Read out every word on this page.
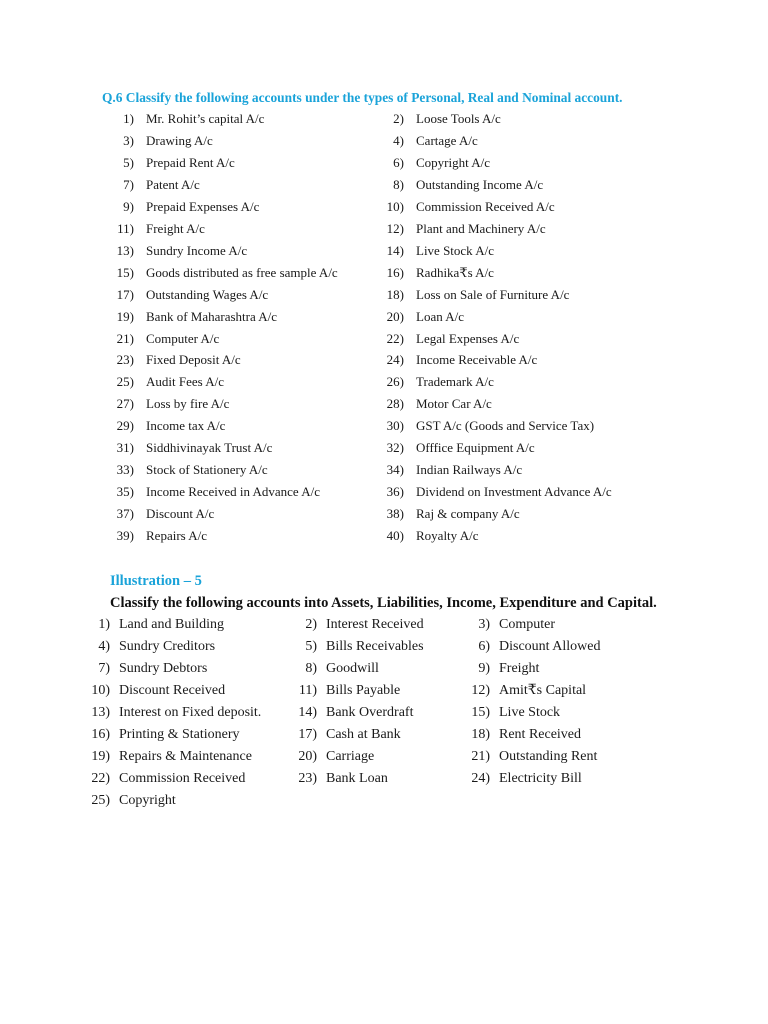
Q.6 Classify the following accounts under the types of Personal, Real and Nominal account.
1) Mr. Rohit’s capital A/c	2) Loose Tools A/c
3) Drawing A/c	4) Cartage A/c
5) Prepaid Rent A/c	6) Copyright A/c
7) Patent A/c	8) Outstanding Income A/c
9) Prepaid Expenses A/c	10) Commission Received A/c
11) Freight A/c	12) Plant and Machinery A/c
13) Sundry Income A/c	14) Live Stock A/c
15) Goods distributed as free sample A/c	16) Radhika₹s A/c
17) Outstanding Wages A/c	18) Loss on Sale of Furniture A/c
19) Bank of Maharashtra A/c	20) Loan A/c
21) Computer A/c	22) Legal Expenses A/c
23) Fixed Deposit A/c	24) Income Receivable A/c
25) Audit Fees A/c	26) Trademark A/c
27) Loss by fire A/c	28) Motor Car A/c
29) Income tax A/c	30) GST A/c (Goods and Service Tax)
31) Siddhivinayak Trust A/c	32) Offfice Equipment A/c
33) Stock of Stationery A/c	34) Indian Railways A/c
35) Income Received in Advance A/c	36) Dividend on Investment Advance A/c
37) Discount A/c	38) Raj & company A/c
39) Repairs A/c	40) Royalty A/c
Illustration – 5
Classify the following accounts into Assets, Liabilities, Income, Expenditure and Capital.
1) Land and Building	2) Interest Received	3) Computer
4) Sundry Creditors	5) Bills Receivables	6) Discount Allowed
7) Sundry Debtors	8) Goodwill	9) Freight
10) Discount Received	11) Bills Payable	12) Amit₹s Capital
13) Interest on Fixed deposit.	14) Bank Overdraft	15) Live Stock
16) Printing & Stationery	17) Cash at Bank	18) Rent Received
19) Repairs & Maintenance	20) Carriage	21) Outstanding Rent
22) Commission Received	23) Bank Loan	24) Electricity Bill
25) Copyright
